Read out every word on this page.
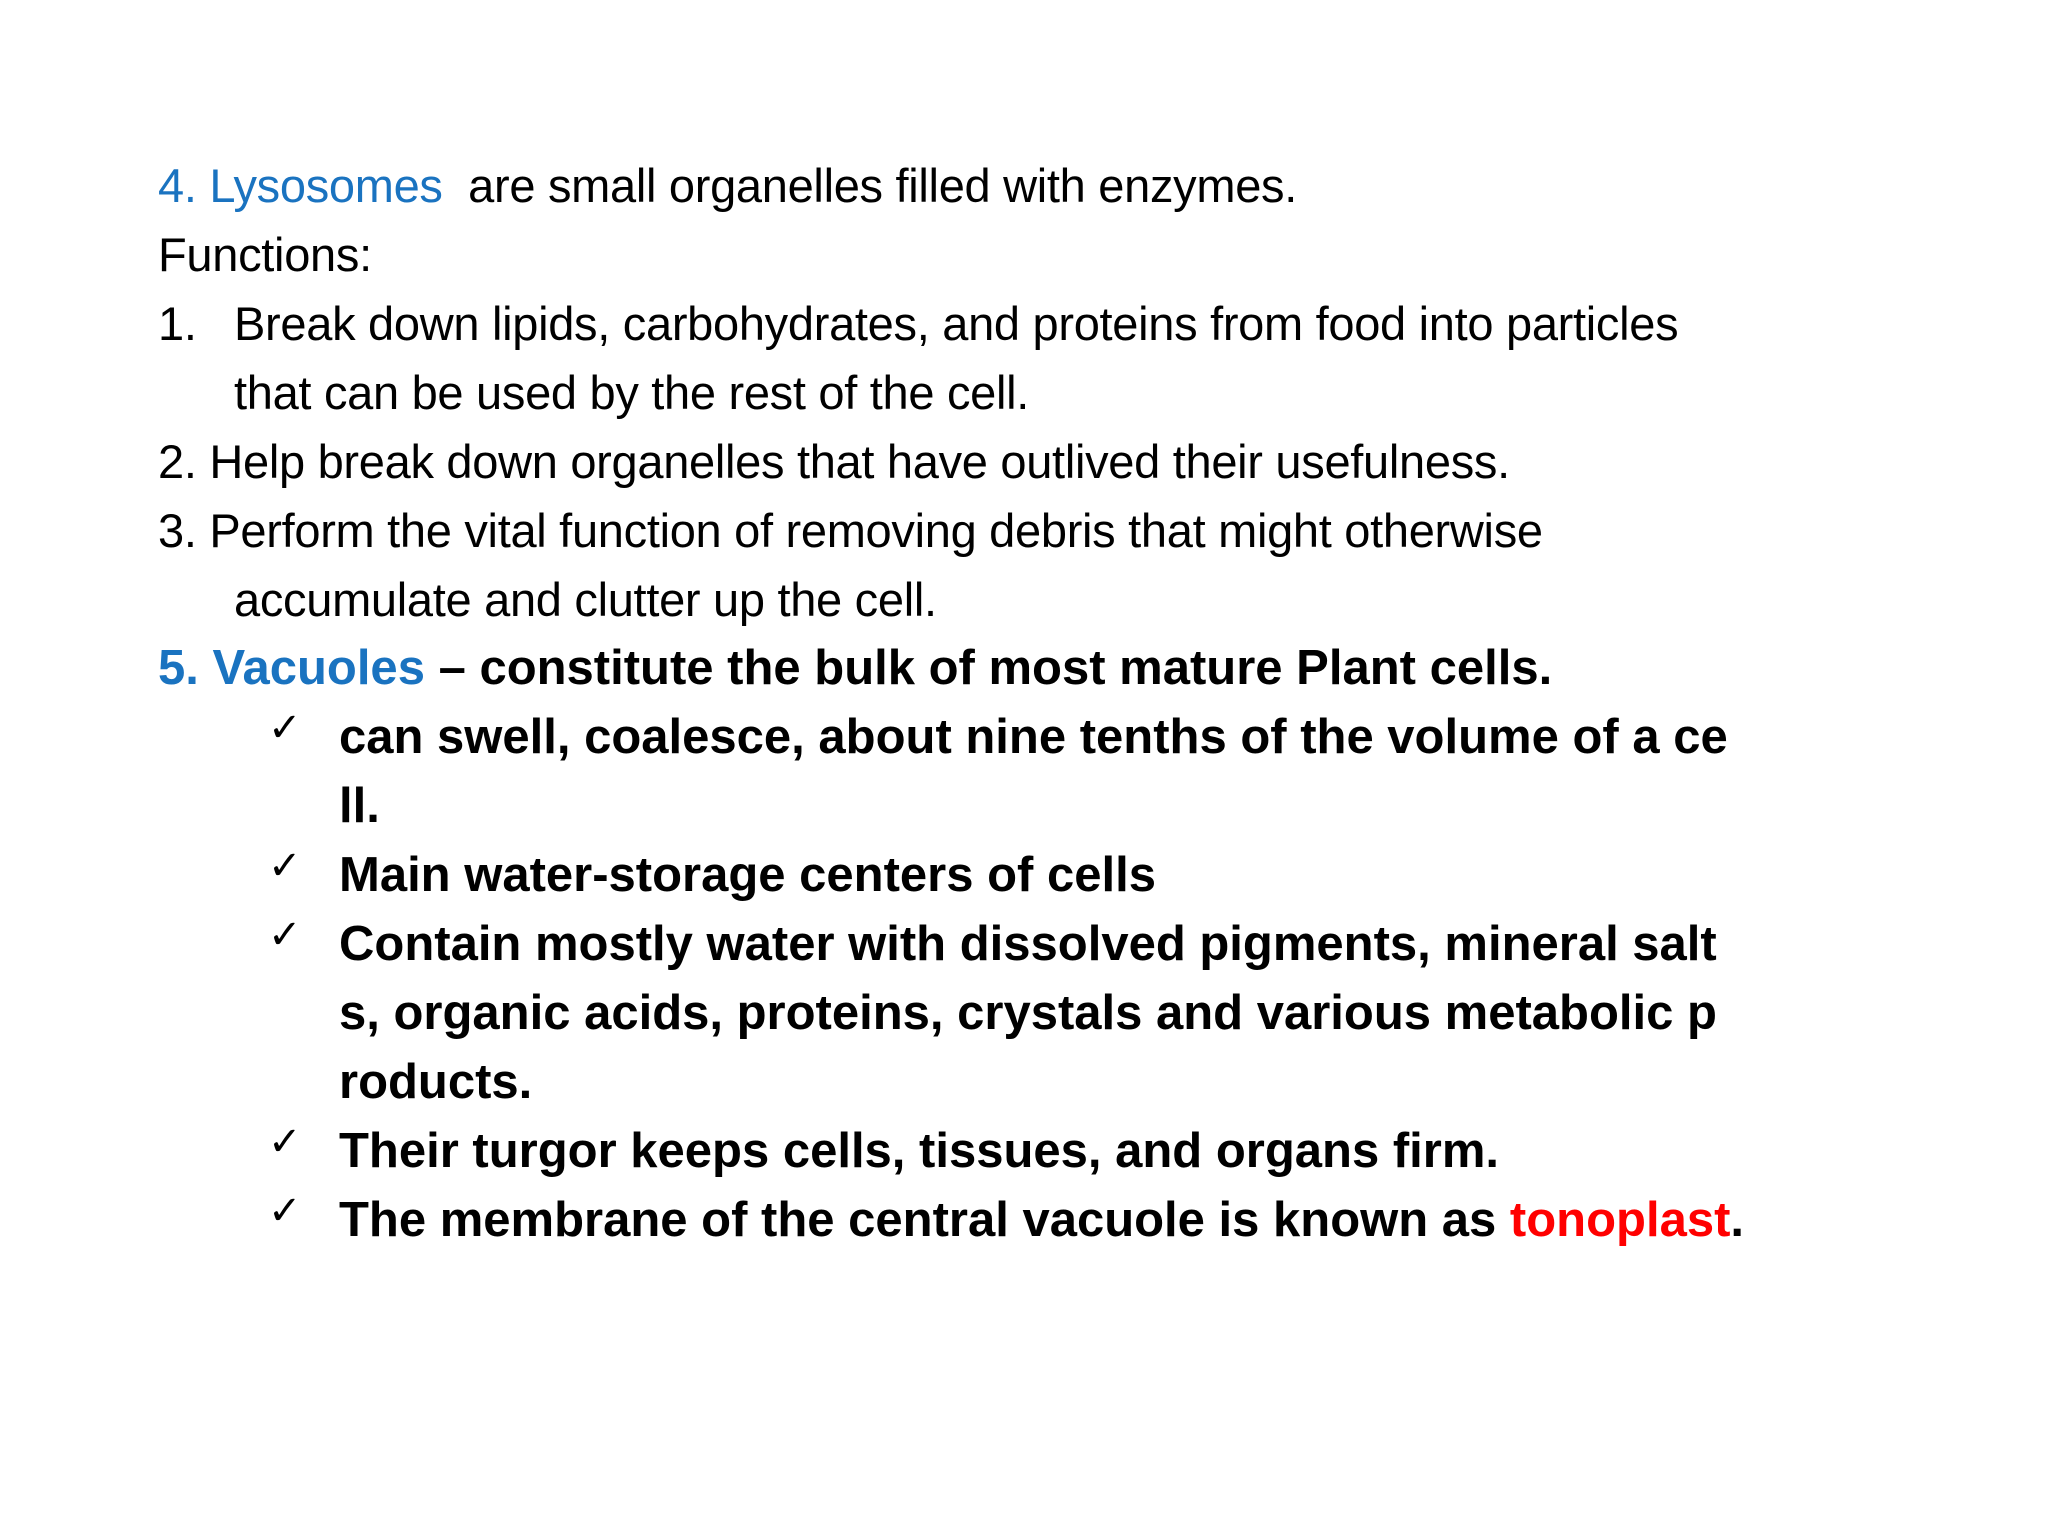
4. Lysosomes are small organelles filled with enzymes.
Functions:
1. Break down lipids, carbohydrates, and proteins from food into particles
that can be used by the rest of the cell.
2. Help break down organelles that have outlived their usefulness.
3. Perform the vital function of removing debris that might otherwise
accumulate and clutter up the cell.
5. Vacuoles – constitute the bulk of most mature Plant cells.
✓ can swell, coalesce, about nine tenths of the volume of a ce
ll.
✓ Main water-storage centers of cells
✓ Contain mostly water with dissolved pigments, mineral salt
s, organic acids, proteins, crystals and various metabolic p
roducts.
✓ Their turgor keeps cells, tissues, and organs firm.
✓ The membrane of the central vacuole is known as tonoplast.
